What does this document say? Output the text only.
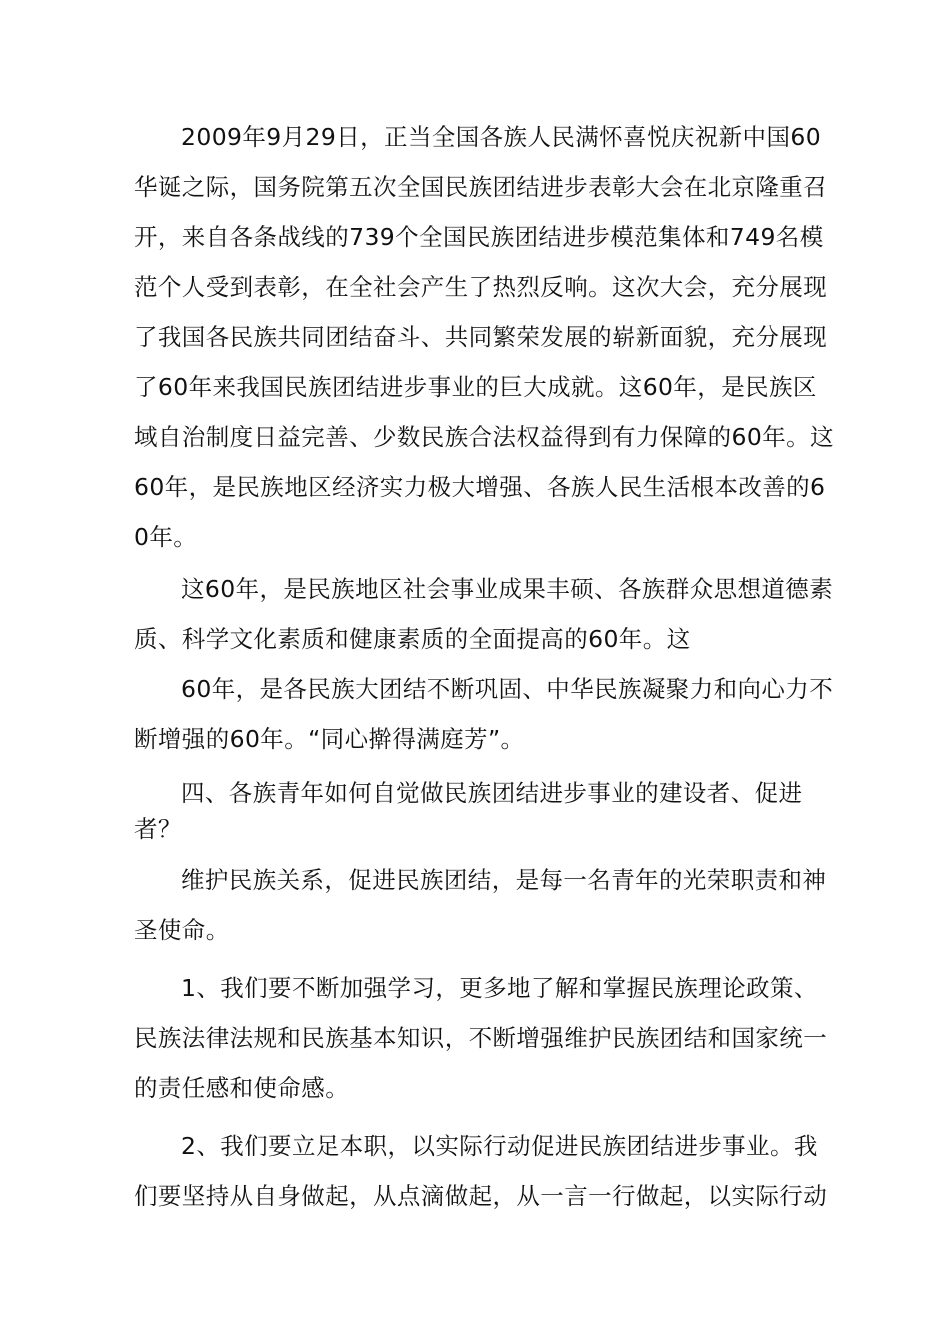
2009年9月29日，正当全国各族人民满怀喜悦庆祝新中国60华诞之际，国务院第五次全国民族团结进步表彰大会在北京隆重召开，来自各条战线的739个全国民族团结进步模范集体和749名模范个人受到表彰，在全社会产生了热烈反响。这次大会，充分展现了我国各民族共同团结奋斗、共同繁荣发展的崭新面貌，充分展现了60年来我国民族团结进步事业的巨大成就。这60年，是民族区域自治制度日益完善、少数民族合法权益得到有力保障的60年。这60年，是民族地区经济实力极大增强、各族人民生活根本改善的60年。

这60年，是民族地区社会事业成果丰硕、各族群众思想道德素质、科学文化素质和健康素质的全面提高的60年。这

60年，是各民族大团结不断巩固、中华民族凝聚力和向心力不断增强的60年。“同心擀得满庭芳”。

四、各族青年如何自觉做民族团结进步事业的建设者、促进者？

维护民族关系，促进民族团结，是每一名青年的光荣职责和神圣使命。

1、我们要不断加强学习，更多地了解和掌握民族理论政策、民族法律法规和民族基本知识，不断增强维护民族团结和国家统一的责任感和使命感。

2、我们要立足本职，以实际行动促进民族团结进步事业。我们要坚持从自身做起，从点滴做起，从一言一行做起，以实际行动
